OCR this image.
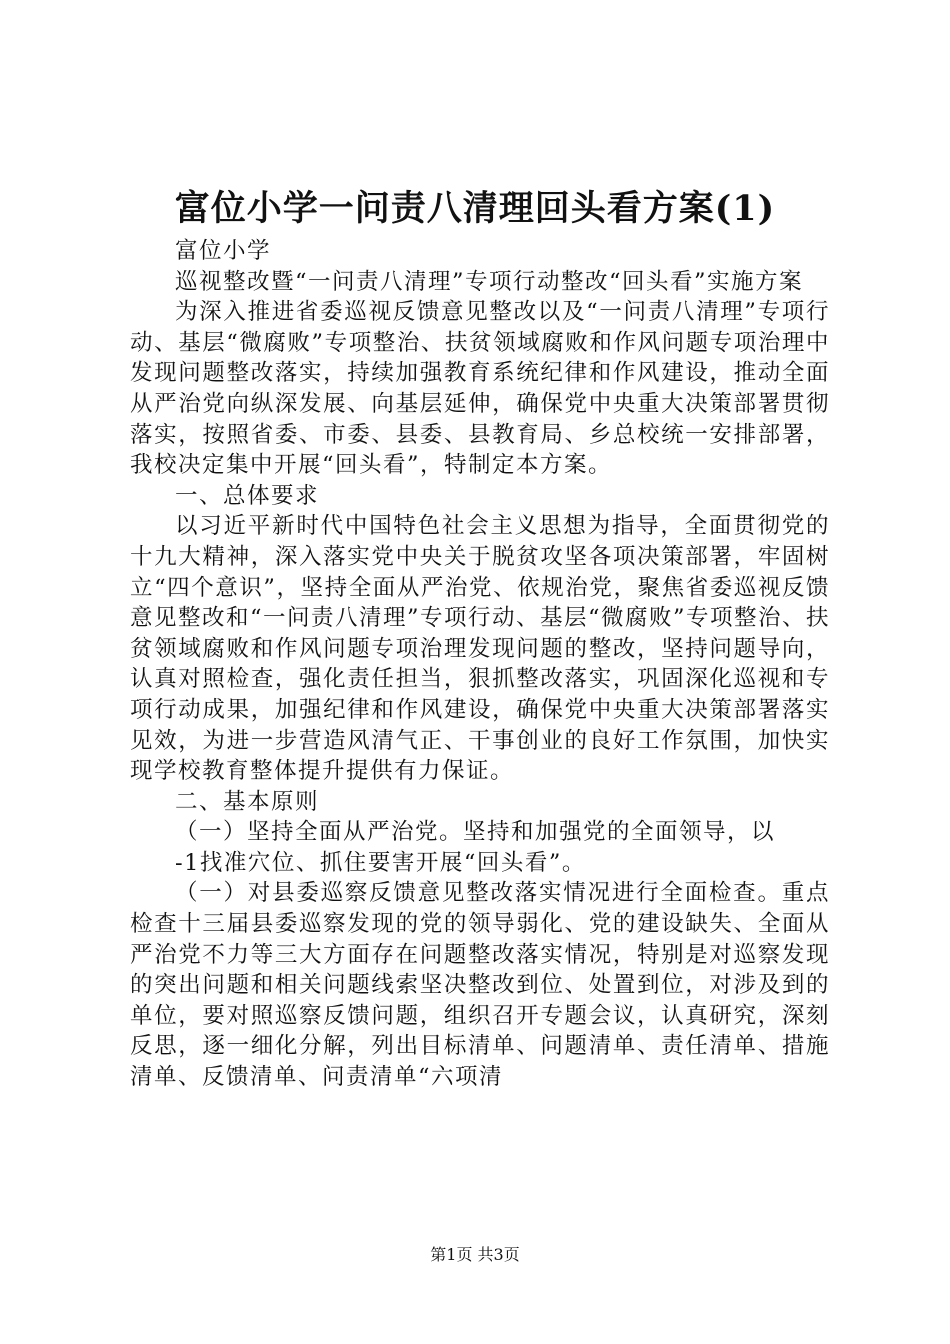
富位小学一问责八清理回头看方案(1)

富位小学

巡视整改暨“一问责八清理”专项行动整改“回头看”实施方案

为深入推进省委巡视反馈意见整改以及“一问责八清理”专项行动、基层“微腐败”专项整治、扶贫领域腐败和作风问题专项治理中发现问题整改落实，持续加强教育系统纪律和作风建设，推动全面从严治党向纵深发展、向基层延伸，确保党中央重大决策部署贯彻落实，按照省委、市委、县委、县教育局、乡总校统一安排部署，我校决定集中开展“回头看”，特制定本方案。

一、总体要求

以习近平新时代中国特色社会主义思想为指导，全面贯彻党的十九大精神，深入落实党中央关于脱贫攻坚各项决策部署，牢固树立“四个意识”，坚持全面从严治党、依规治党，聚焦省委巡视反馈意见整改和“一问责八清理”专项行动、基层“微腐败”专项整治、扶贫领域腐败和作风问题专项治理发现问题的整改，坚持问题导向，认真对照检查，强化责任担当，狠抓整改落实，巩固深化巡视和专项行动成果，加强纪律和作风建设，确保党中央重大决策部署落实见效，为进一步营造风清气正、干事创业的良好工作氛围，加快实现学校教育整体提升提供有力保证。

二、基本原则

（一）坚持全面从严治党。坚持和加强党的全面领导，以

-1找准穴位、抓住要害开展“回头看”。

（一）对县委巡察反馈意见整改落实情况进行全面检查。重点检查十三届县委巡察发现的党的领导弱化、党的建设缺失、全面从严治党不力等三大方面存在问题整改落实情况，特别是对巡察发现的突出问题和相关问题线索坚决整改到位、处置到位，对涉及到的单位，要对照巡察反馈问题，组织召开专题会议，认真研究，深刻反思，逐一细化分解，列出目标清单、问题清单、责任清单、措施清单、反馈清单、问责清单“六项清

第1页 共3页
